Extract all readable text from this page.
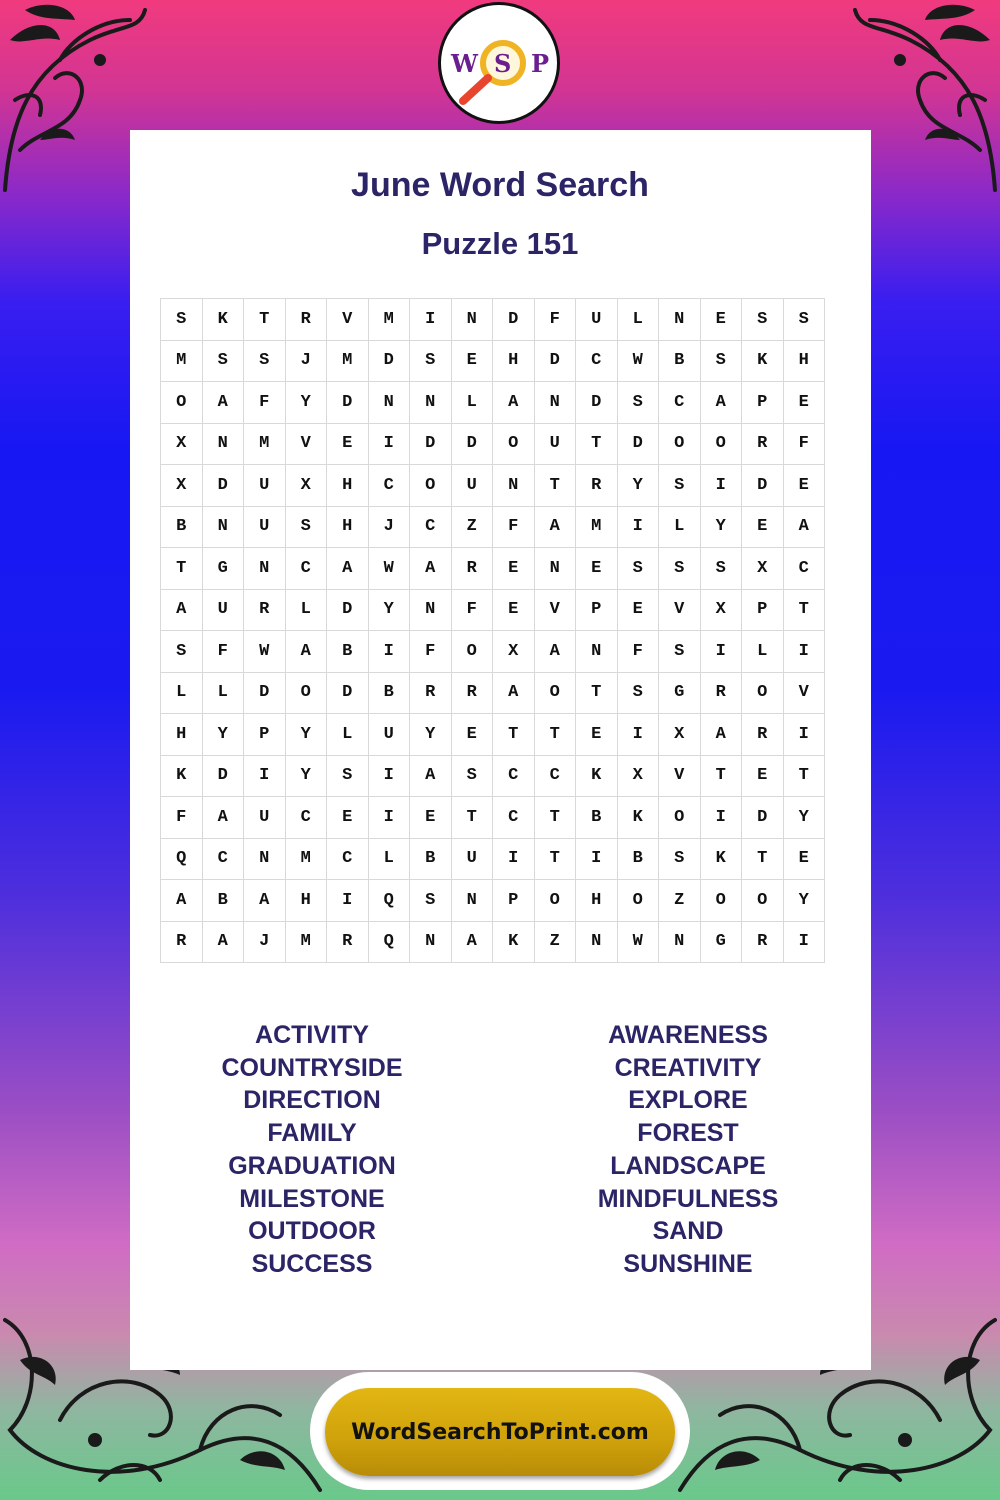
W S P
June Word Search
Puzzle 151
S	K	T	R	V	M	I	N	D	F	U	L	N	E	S	S
M	S	S	J	M	D	S	E	H	D	C	W	B	S	K	H
O	A	F	Y	D	N	N	L	A	N	D	S	C	A	P	E
X	N	M	V	E	I	D	D	O	U	T	D	O	O	R	F
X	D	U	X	H	C	O	U	N	T	R	Y	S	I	D	E
B	N	U	S	H	J	C	Z	F	A	M	I	L	Y	E	A
T	G	N	C	A	W	A	R	E	N	E	S	S	S	X	C
A	U	R	L	D	Y	N	F	E	V	P	E	V	X	P	T
S	F	W	A	B	I	F	O	X	A	N	F	S	I	L	I
L	L	D	O	D	B	R	R	A	O	T	S	G	R	O	V
H	Y	P	Y	L	U	Y	E	T	T	E	I	X	A	R	I
K	D	I	Y	S	I	A	S	C	C	K	X	V	T	E	T
F	A	U	C	E	I	E	T	C	T	B	K	O	I	D	Y
Q	C	N	M	C	L	B	U	I	T	I	B	S	K	T	E
A	B	A	H	I	Q	S	N	P	O	H	O	Z	O	O	Y
R	A	J	M	R	Q	N	A	K	Z	N	W	N	G	R	I
ACTIVITY
COUNTRYSIDE
DIRECTION
FAMILY
GRADUATION
MILESTONE
OUTDOOR
SUCCESS
AWARENESS
CREATIVITY
EXPLORE
FOREST
LANDSCAPE
MINDFULNESS
SAND
SUNSHINE
WordSearchToPrint.com
